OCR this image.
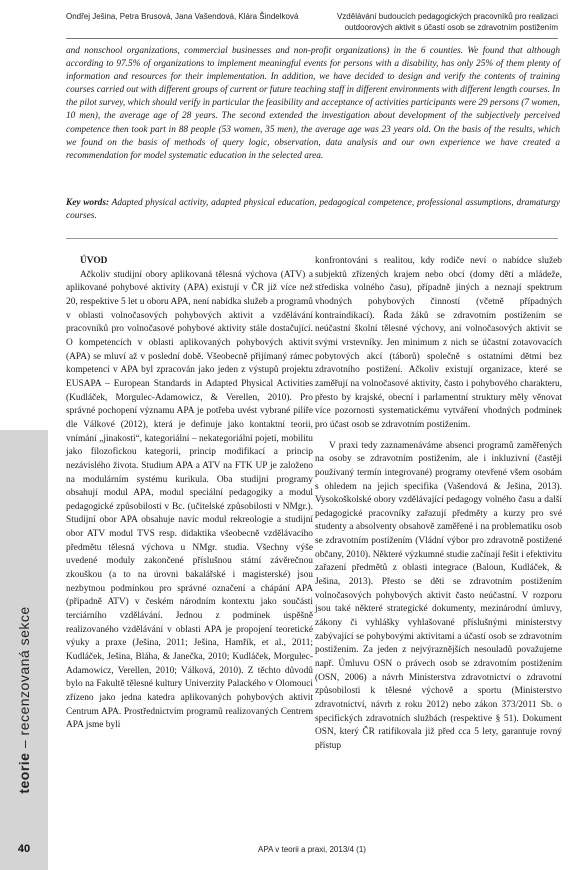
teorie – recenzovaná sekce
40
Ondřej Ješina, Petra Brusová, Jana Vašendová, Klára Šindelková	Vzdělávání budoucích pedagogických pracovníků pro realizaci
outdoorových aktivit s účastí osob se zdravotním postižením

and nonschool organizations, commercial businesses and non-profit organizations) in the 6 counties. We found that although according to 97.5% of organizations to implement meaningful events for persons with a disability, has only 25% of them plenty of information and resources for their implementation. In addition, we have decided to design and verify the contents of training courses carried out with different groups of current or future teaching staff in different environments with different length courses. In the pilot survey, which should verify in particular the feasibility and acceptance of activities participants were 29 persons (7 women, 10 men), the average age of 28 years. The second extended the investigation about development of the subjectively perceived competence then took part in 88 people (53 women, 35 men), the average age was 23 years old. On the basis of the results, which we found on the basis of methods of query logic, observation, data analysis and our own experience we have created a recommendation for model systematic education in the selected area.

Key words: Adapted physical activity, adapted physical education, pedagogical competence, professional assumptions, dramaturgy courses.

ÚVOD

Ačkoliv studijní obory aplikovaná tělesná výchova (ATV) a aplikované pohybové aktivity (APA) existují v ČR již více než 20, respektive 5 let u oboru APA, není nabídka služeb a programů v oblasti volnočasových pohybových aktivit a vzdělávání pracovníků pro volnočasové pohybové aktivity stále dostačující. O kompetencích v oblasti aplikovaných pohybových aktivit (APA) se mluví až v poslední době. Všeobecně přijímaný rámec kompetencí v APA byl zpracován jako jeden z výstupů projektu EUSAPA – European Standards in Adapted Physical Activities (Kudláček, Morgulec-Adamowicz, & Verellen, 2010). Pro správné pochopení významu APA je potřeba uvést vybrané pilíře dle Válkové (2012), která je definuje jako kontaktní teorii, vnímání „jinakosti“, kategoriální – nekategoriální pojetí, mobilitu jako filozofickou kategorii, princip modifikací a princip nezávislého života. Studium APA a ATV na FTK UP je založeno na modulárním systému kurikula. Oba studijní programy obsahují modul APA, modul speciální pedagogiky a modul pedagogické způsobilosti v Bc. (učitelské způsobilosti v NMgr.). Studijní obor APA obsahuje navíc modul rekreologie a studijní obor ATV modul TVS resp. didaktika všeobecně vzdělávacího předmětu tělesná výchova u NMgr. studia. Všechny výše uvedené moduly zakončené příslušnou státní závěrečnou zkouškou (a to na úrovni bakalářské i magisterské) jsou nezbytnou podmínkou pro správné označení a chápání APA (případně ATV) v českém národním kontextu jako součásti terciárního vzdělávání. Jednou z podmínek úspěšně realizovaného vzdělávání v oblasti APA je propojení teoretické výuky a praxe (Ješina, 2011; Ješina, Hamřík, et al., 2011; Kudláček, Ješina, Bláha, & Janečka, 2010; Kudláček, Morgulec-Adamowicz, Verellen, 2010; Válková, 2010). Z těchto důvodů bylo na Fakultě tělesné kultury Univerzity Palackého v Olomouci zřízeno jako jedna katedra aplikovaných pohybových aktivit Centrum APA. Prostřednictvím programů realizovaných Centrem APA jsme byli

konfrontováni s realitou, kdy rodiče neví o nabídce služeb subjektů zřízených krajem nebo obcí (domy dětí a mládeže, střediska volného času), případně jiných a neznají spektrum vhodných pohybových činností (včetně případných kontraindikací). Řada žáků se zdravotním postižením se neúčastní školní tělesné výchovy, ani volnočasových aktivit se svými vrstevníky. Jen minimum z nich se účastní zotavovacích pobytových akcí (táborů) společně s ostatními dětmi bez zdravotního postižení. Ačkoliv existují organizace, které se zaměřují na volnočasové aktivity, často i pohybového charakteru, přesto by krajské, obecní i parlamentní struktury měly věnovat více pozornosti systematickému vytváření vhodných podmínek pro účast osob se zdravotním postižením.

V praxi tedy zaznamenáváme absenci programů zaměřených na osoby se zdravotním postižením, ale i inkluzivní (častěji používaný termín integrované) programy otevřené všem osobám s ohledem na jejich specifika (Vašendová & Ješina, 2013). Vysokoškolské obory vzdělávající pedagogy volného času a další pedagogické pracovníky zařazují předměty a kurzy pro své studenty a absolventy obsahově zaměřené i na problematiku osob se zdravotním postižením (Vládní výbor pro zdravotně postižené občany, 2010). Některé výzkumné studie začínají řešit i efektivitu zařazení předmětů z oblasti integrace (Baloun, Kudláček, & Ješina, 2013). Přesto se děti se zdravotním postižením volnočasových pohybových aktivit často neúčastní. V rozporu jsou také některé strategické dokumenty, mezinárodní úmluvy, zákony či vyhlášky vyhlašované příslušnými ministerstvy zabývající se pohybovými aktivitami a účastí osob se zdravotním postižením. Za jeden z nejvýraznějších nesouladů považujeme např. Úmluvu OSN o právech osob se zdravotním postižením (OSN, 2006) a návrh Ministerstva zdravotnictví o zdravotní způsobilosti k tělesné výchově a sportu (Ministerstvo zdravotnictví, návrh z roku 2012) nebo zákon 373/2011 Sb. o specifických zdravotních službách (respektive § 51). Dokument OSN, který ČR ratifikovala již před cca 5 lety, garantuje rovný přístup

APA v teorii a praxi, 2013/4 (1)
